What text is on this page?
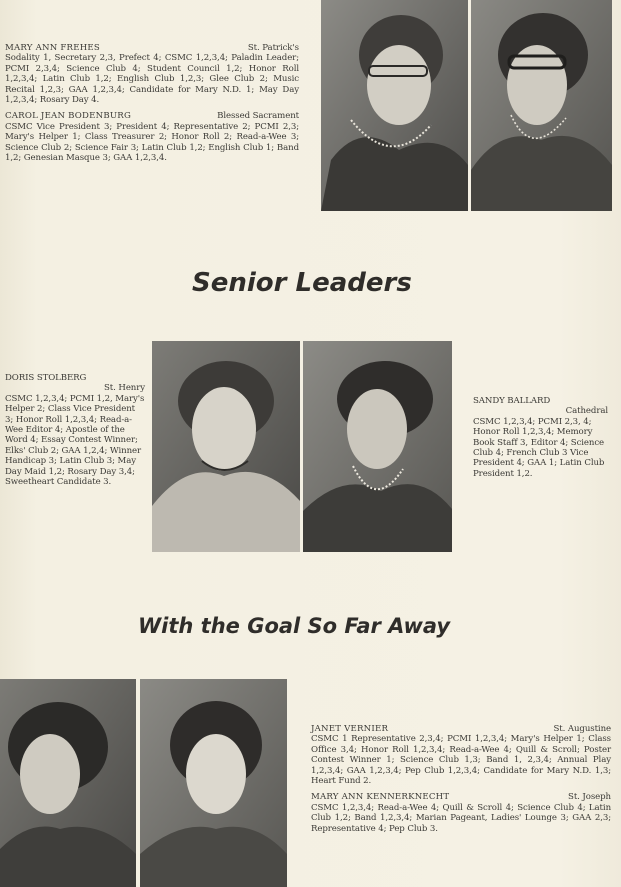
MARY ANN FREHES	St. Patrick's

Sodality 1, Secretary 2,3, Prefect 4; CSMC 1,2,3,4; Paladin Leader; PCMI 2,3,4; Science Club 4; Student Council 1,2; Honor Roll 1,2,3,4; Latin Club 1,2; English Club 1,2,3; Glee Club 2; Music Recital 1,2,3; GAA 1,2,3,4; Candidate for Mary N.D. 1; May Day 1,2,3,4; Rosary Day 4.

CAROL JEAN BODENBURG	Blessed Sacrament

CSMC Vice President 3; President 4; Representative 2; PCMI 2,3; Mary's Helper 1; Class Treasurer 2; Honor Roll 2; Read-a-Wee 3; Science Club 2; Science Fair 3; Latin Club 1,2; English Club 1; Band 1,2; Genesian Masque 3; GAA 1,2,3,4.

Senior Leaders
DORIS STOLBERG
St. Henry

CSMC 1,2,3,4; PCMI 1,2, Mary's Helper 2; Class Vice President 3; Honor Roll 1,2,3,4; Read-a-Wee Editor 4; Apostle of the Word 4; Essay Contest Winner; Elks' Club 2; GAA 1,2,4; Winner Handicap 3; Latin Club 3; May Day Maid 1,2; Rosary Day 3,4; Sweetheart Candidate 3.

SANDY BALLARD
Cathedral

CSMC 1,2,3,4; PCMI 2,3, 4; Honor Roll 1,2,3,4; Memory Book Staff 3, Editor 4; Science Club 4; French Club 3 Vice President 4; GAA 1; Latin Club President 1,2.

With the Goal So Far Away
JANET VERNIER	St. Augustine

CSMC 1 Representative 2,3,4; PCMI 1,2,3,4; Mary's Helper 1; Class Office 3,4; Honor Roll 1,2,3,4; Read-a-Wee 4; Quill & Scroll; Poster Contest Winner 1; Science Club 1,3; Band 1, 2,3,4; Annual Play 1,2,3,4; GAA 1,2,3,4; Pep Club 1,2,3,4; Candidate for Mary N.D. 1,3; Heart Fund 2.

MARY ANN KENNERKNECHT	St. Joseph

CSMC 1,2,3,4; Read-a-Wee 4; Quill & Scroll 4; Science Club 4; Latin Club 1,2; Band 1,2,3,4; Marian Pageant, Ladies' Lounge 3; GAA 2,3; Representative 4; Pep Club 3.
